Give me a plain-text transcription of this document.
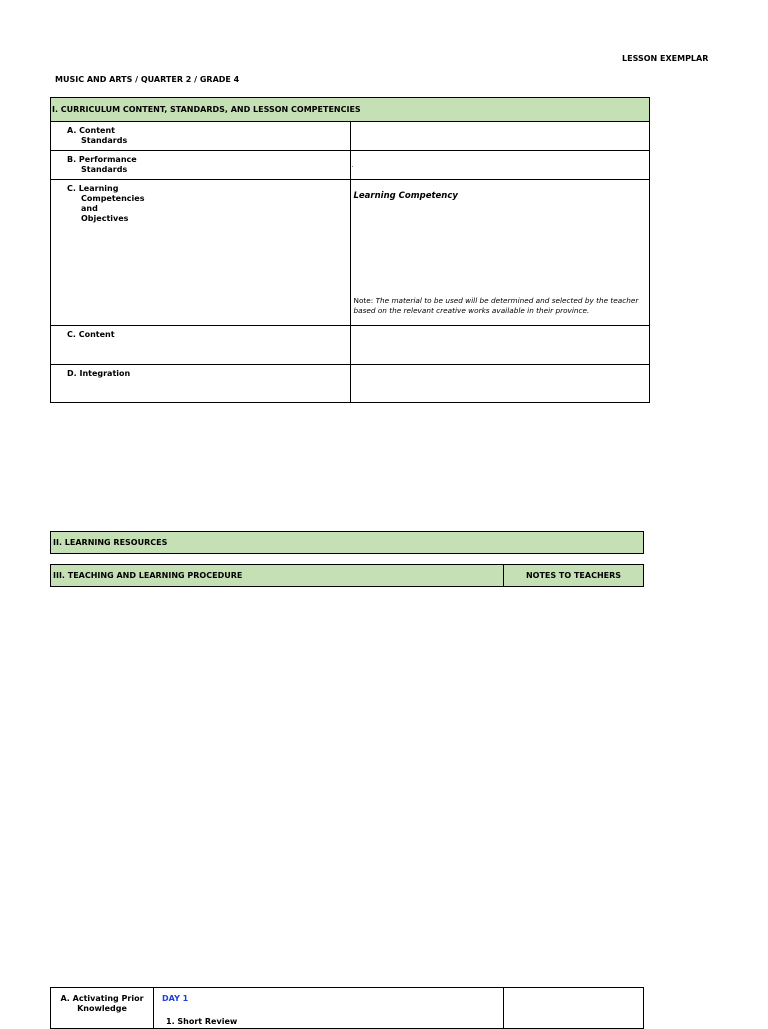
LESSON EXEMPLAR
MUSIC AND ARTS / QUARTER 2 / GRADE 4
I. CURRICULUM CONTENT, STANDARDS, AND LESSON COMPETENCIES	

A. Content
Standards	

B. Performance
Standards	.

C. Learning
Competencies
and
Objectives	Learning Competency
Note: The material to be used will be determined and selected by the teacher based on the relevant creative works available in their province.

C. Content	

D. Integration	

II. LEARNING RESOURCES
III. TEACHING AND LEARNING PROCEDURE	NOTES TO TEACHERS
A. Activating Prior
Knowledge

DAY 1
1. Short Review
